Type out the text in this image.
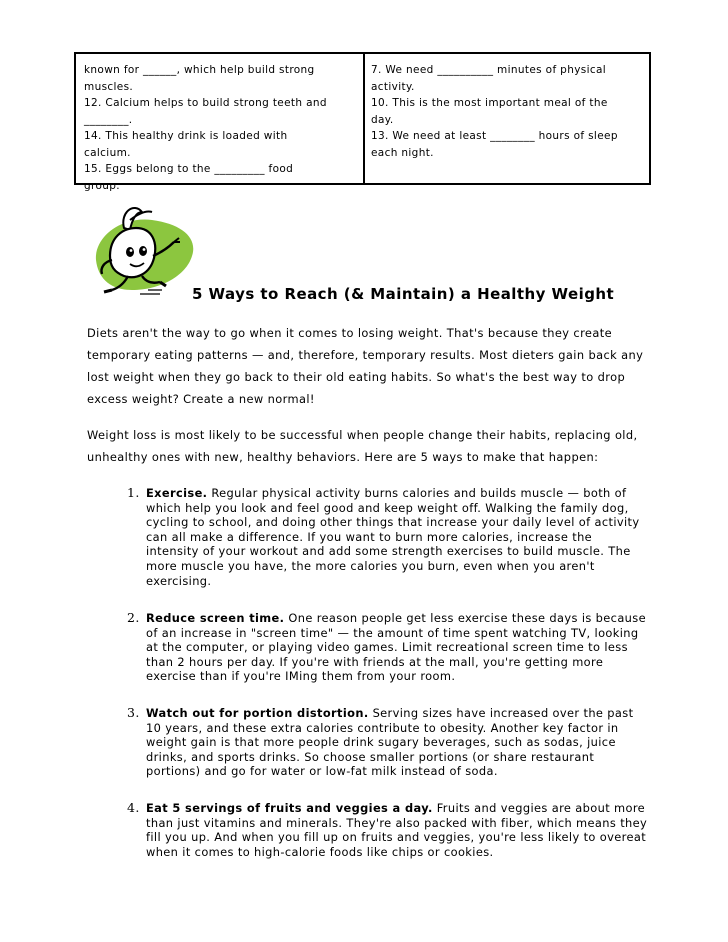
known for ______, which help build strong
muscles.
12. Calcium helps to build strong teeth and
________.
14. This healthy drink is loaded with
calcium.
15. Eggs belong to the _________ food
group.
7. We need __________ minutes of physical
activity.
10. This is the most important meal of the
day.
13. We need at least ________ hours of sleep
each night.
5 Ways to Reach (& Maintain) a Healthy Weight
Diets aren't the way to go when it comes to losing weight. That's because they create
temporary eating patterns — and, therefore, temporary results. Most dieters gain back any
lost weight when they go back to their old eating habits. So what's the best way to drop
excess weight? Create a new normal!
Weight loss is most likely to be successful when people change their habits, replacing old,
unhealthy ones with new, healthy behaviors. Here are 5 ways to make that happen:
1. Exercise. Regular physical activity burns calories and builds muscle — both of
which help you look and feel good and keep weight off. Walking the family dog,
cycling to school, and doing other things that increase your daily level of activity
can all make a difference. If you want to burn more calories, increase the
intensity of your workout and add some strength exercises to build muscle. The
more muscle you have, the more calories you burn, even when you aren't
exercising.
2. Reduce screen time. One reason people get less exercise these days is because
of an increase in "screen time" — the amount of time spent watching TV, looking
at the computer, or playing video games. Limit recreational screen time to less
than 2 hours per day. If you're with friends at the mall, you're getting more
exercise than if you're IMing them from your room.
3. Watch out for portion distortion. Serving sizes have increased over the past
10 years, and these extra calories contribute to obesity. Another key factor in
weight gain is that more people drink sugary beverages, such as sodas, juice
drinks, and sports drinks. So choose smaller portions (or share restaurant
portions) and go for water or low-fat milk instead of soda.
4. Eat 5 servings of fruits and veggies a day. Fruits and veggies are about more
than just vitamins and minerals. They're also packed with fiber, which means they
fill you up. And when you fill up on fruits and veggies, you're less likely to overeat
when it comes to high-calorie foods like chips or cookies.
